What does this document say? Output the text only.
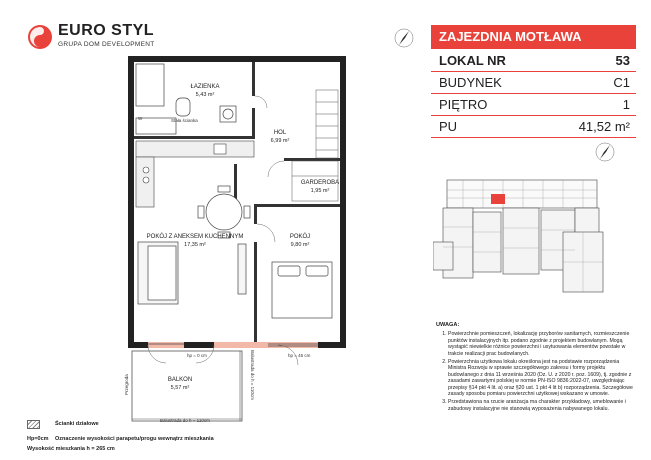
EURO STYL
GRUPA DOM DEVELOPMENT
ZAJEZDNIA MOTŁAWA
LOKAL NR	53
BUDYNEK	C1
PIĘTRO	1
PU	41,52 m²
ŁAZIENKA
5,43 m²
HOL
6,99 m²
GARDEROBA
1,95 m²
POKÓJ Z ANEKSEM KUCHENNYM
17,35 m²
POKÓJ
9,80 m²
BALKON
5,57 m²
W	Stała ścianka
hp = 0 cm	hp = 45 cm
Balustrada do h = 110cm
Balustrada do h = 110cm
Przegroda
UWAGA:
1. Powierzchnie pomieszczeń, lokalizację przyborów sanitarnych, rozmieszczenie punktów instalacyjnych itp. podano zgodnie z projektem budowlanym. Mogą wystąpić niewielkie różnice powierzchni i usytuowania elementów powstałe w trakcie realizacji prac budowlanych.
2. Powierzchnia użytkowa lokalu określona jest na podstawie rozporządzenia Ministra Rozwoju w sprawie szczegółowego zakresu i formy projektu budowlanego z dnia 11 września 2020 (Dz. U. z 2020 r. poz. 1609), tj. zgodnie z zasadami zawartymi polskiej w normie PN-ISO 9836:2022-07, uwzględniając przepisy §14 pkt 4 lit. a) oraz §20 ust. 1 pkt 4 lit b) rozporządzenia. Szczegółowe zasady sposobu pomiaru powierzchni użytkowej wskazano w umowie.
3. Przedstawiona na rzucie aranżacja ma charakter przykładowy, umeblowanie i zabudowy instalacyjne nie stanowią wyposażenia nabywanego lokalu.
Ścianki działowe
Hp=0cm Oznaczenie wysokości parapetu/progu wewnątrz mieszkania
Wysokość mieszkania h = 265 cm
